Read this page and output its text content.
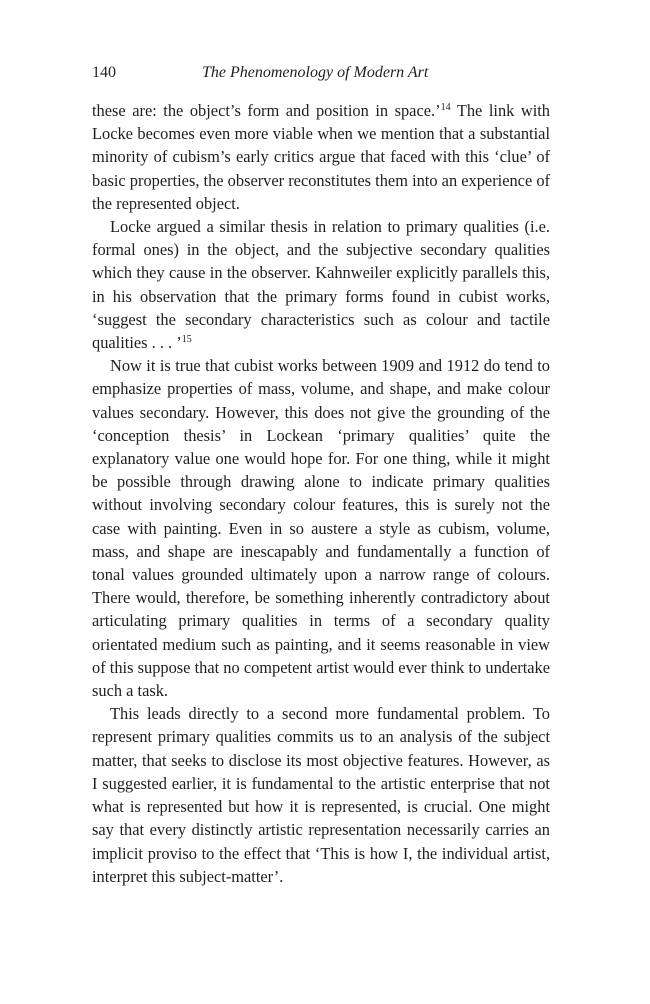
140	The Phenomenology of Modern Art

these are: the object’s form and position in space.’$^{14}$ The link with Locke becomes even more viable when we mention that a substantial minority of cubism’s early critics argue that faced with this ‘clue’ of basic properties, the observer reconstitutes them into an experience of the represented object.

Locke argued a similar thesis in relation to primary qualities (i.e. formal ones) in the object, and the subjective secondary qualities which they cause in the observer. Kahnweiler explicitly parallels this, in his observation that the primary forms found in cubist works, ‘suggest the secondary characteristics such as colour and tactile qualities . . . ’$^{15}$

Now it is true that cubist works between 1909 and 1912 do tend to emphasize properties of mass, volume, and shape, and make colour values secondary. However, this does not give the grounding of the ‘conception thesis’ in Lockean ‘primary qualities’ quite the explanatory value one would hope for. For one thing, while it might be possible through drawing alone to indicate primary qualities without involving secondary colour features, this is surely not the case with painting. Even in so austere a style as cubism, volume, mass, and shape are inescapably and fundamentally a function of tonal values grounded ultimately upon a narrow range of colours. There would, therefore, be something inherently contradictory about articulating primary qualities in terms of a secondary quality orientated medium such as painting, and it seems reasonable in view of this suppose that no competent artist would ever think to undertake such a task.

This leads directly to a second more fundamental problem. To represent primary qualities commits us to an analysis of the subject matter, that seeks to disclose its most objective features. However, as I suggested earlier, it is fundamental to the artistic enterprise that not what is represented but how it is represented, is crucial. One might say that every distinctly artistic representation necessarily carries an implicit proviso to the effect that ‘This is how I, the individual artist, interpret this subject-matter’.
